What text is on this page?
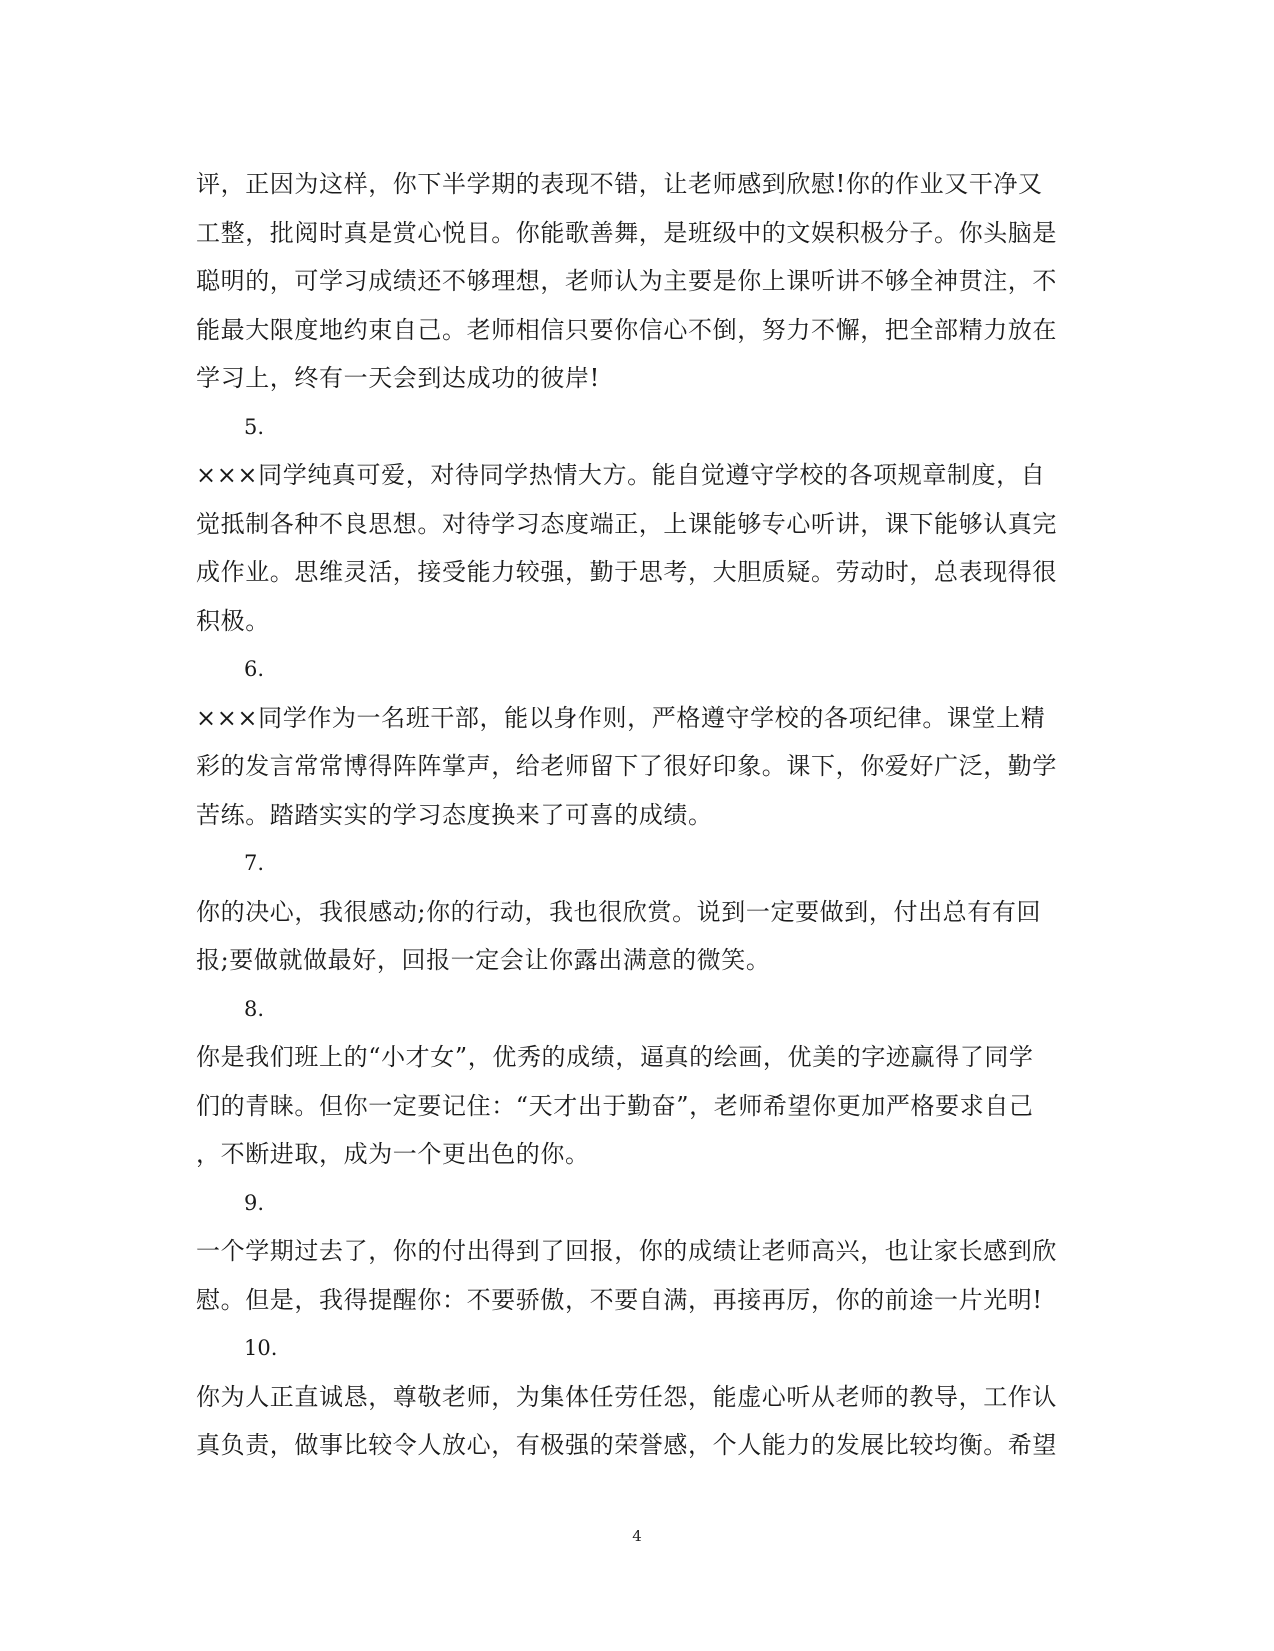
评，正因为这样，你下半学期的表现不错，让老师感到欣慰!你的作业又干净又
工整，批阅时真是赏心悦目。你能歌善舞，是班级中的文娱积极分子。你头脑是
聪明的，可学习成绩还不够理想，老师认为主要是你上课听讲不够全神贯注，不
能最大限度地约束自己。老师相信只要你信心不倒，努力不懈，把全部精力放在
学习上，终有一天会到达成功的彼岸!
5.
×××同学纯真可爱，对待同学热情大方。能自觉遵守学校的各项规章制度，自
觉抵制各种不良思想。对待学习态度端正，上课能够专心听讲，课下能够认真完
成作业。思维灵活，接受能力较强，勤于思考，大胆质疑。劳动时，总表现得很
积极。
6.
×××同学作为一名班干部，能以身作则，严格遵守学校的各项纪律。课堂上精
彩的发言常常博得阵阵掌声，给老师留下了很好印象。课下，你爱好广泛，勤学
苦练。踏踏实实的学习态度换来了可喜的成绩。
7.
你的决心，我很感动;你的行动，我也很欣赏。说到一定要做到，付出总有有回
报;要做就做最好，回报一定会让你露出满意的微笑。
8.
你是我们班上的“小才女”，优秀的成绩，逼真的绘画，优美的字迹赢得了同学
们的青睐。但你一定要记住：“天才出于勤奋”，老师希望你更加严格要求自己
，不断进取，成为一个更出色的你。
9.
一个学期过去了，你的付出得到了回报，你的成绩让老师高兴，也让家长感到欣
慰。但是，我得提醒你：不要骄傲，不要自满，再接再厉，你的前途一片光明!
10.
你为人正直诚恳，尊敬老师，为集体任劳任怨，能虚心听从老师的教导，工作认
真负责，做事比较令人放心，有极强的荣誉感，个人能力的发展比较均衡。希望
4
